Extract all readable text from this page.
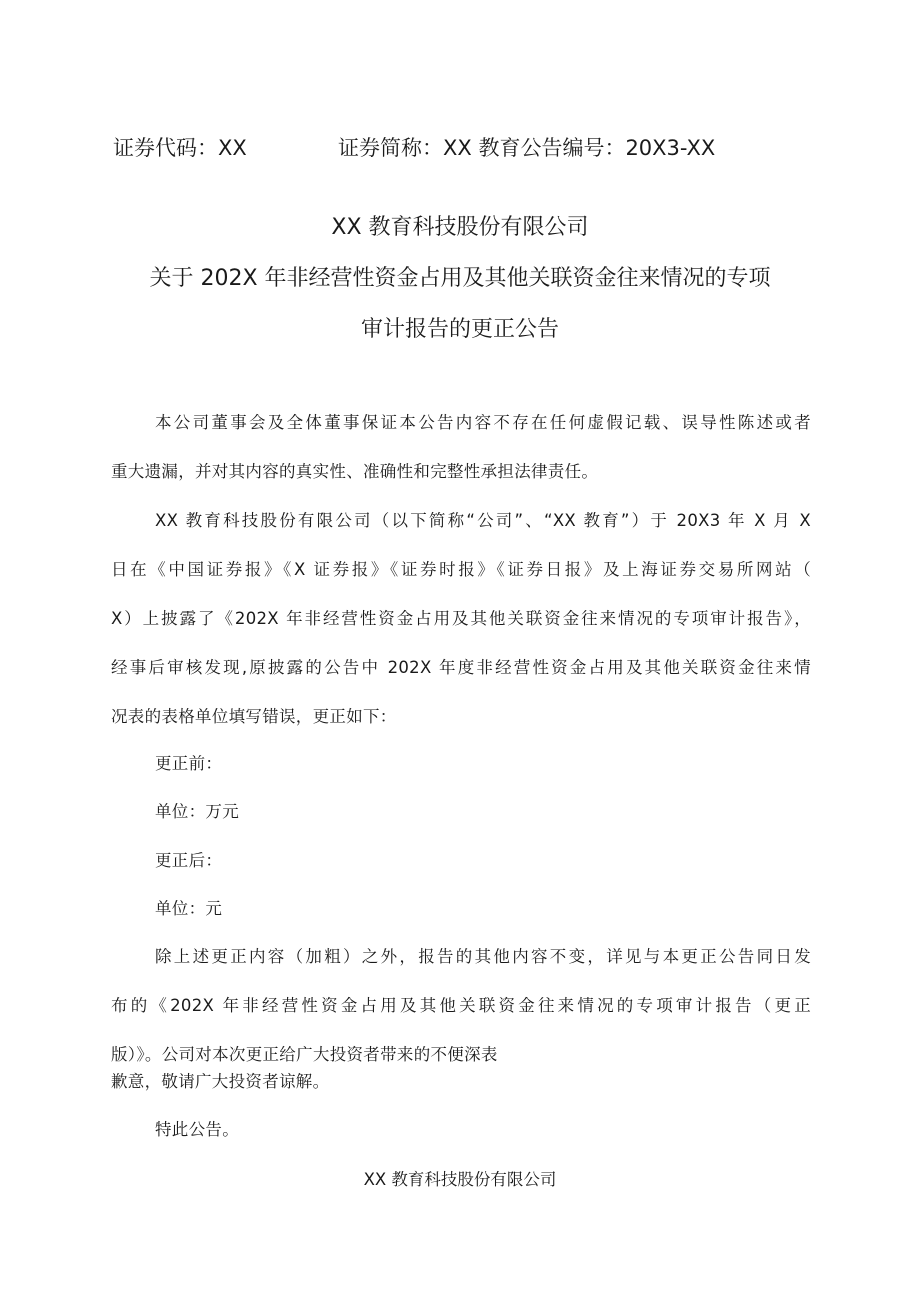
证券代码：XX	证券简称：XX 教育公告编号：20X3-XX
XX 教育科技股份有限公司
关于 202X 年非经营性资金占用及其他关联资金往来情况的专项
审计报告的更正公告
本公司董事会及全体董事保证本公告内容不存在任何虚假记载、误导性陈述或者
重大遗漏，并对其内容的真实性、准确性和完整性承担法律责任。
XX 教育科技股份有限公司（以下简称“公司”、“XX 教育”）于 20X3 年 X 月 X
日在《中国证券报》《X 证券报》《证券时报》《证券日报》及上海证券交易所网站（
X）上披露了《202X 年非经营性资金占用及其他关联资金往来情况的专项审计报告》，
经事后审核发现,原披露的公告中 202X 年度非经营性资金占用及其他关联资金往来情
况表的表格单位填写错误，更正如下：
更正前：
单位：万元
更正后：
单位：元
除上述更正内容（加粗）之外，报告的其他内容不变，详见与本更正公告同日发
布的《202X 年非经营性资金占用及其他关联资金往来情况的专项审计报告（更正
版）》。公司对本次更正给广大投资者带来的不便深表
歉意，敬请广大投资者谅解。
特此公告。
XX 教育科技股份有限公司
